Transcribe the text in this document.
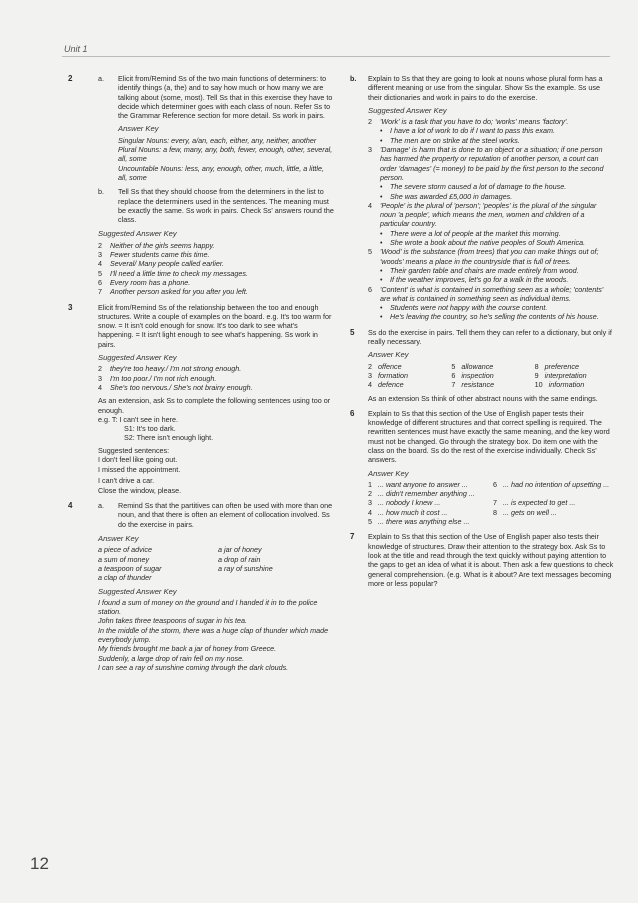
Unit 1
2	a. Elicit from/Remind Ss of the two main functions of determiners: to identify things (a, the) and to say how much or how many we are talking about (some, most). Tell Ss that in this exercise they have to decide which determiner goes with each class of noun. Refer Ss to the Grammar Reference section for more detail. Ss work in pairs.
Answer Key
Singular Nouns: every, a/an, each, either, any, neither, another
Plural Nouns: a few, many, any, both, fewer, enough, other, several, all, some
Uncountable Nouns: less, any, enough, other, much, little, a little, all, some
b. Tell Ss that they should choose from the determiners in the list to replace the determiners used in the sentences. The meaning must be exactly the same. Ss work in pairs. Check Ss' answers round the class.
Suggested Answer Key
2 Neither of the girls seems happy.
3 Fewer students came this time.
4 Several/ Many people called earlier.
5 I'll need a little time to check my messages.
6 Every room has a phone.
7 Another person asked for you after you left.
3	Elicit from/Remind Ss of the relationship between the too and enough structures. Write a couple of examples on the board. e.g. It's too warm for snow. = It isn't cold enough for snow. It's too dark to see what's happening. = It isn't light enough to see what's happening. Ss work in pairs.
Suggested Answer Key
2 they're too heavy./ I'm not strong enough.
3 I'm too poor./ I'm not rich enough.
4 She's too nervous./ She's not brainy enough.
As an extension, ask Ss to complete the following sentences using too or enough.
e.g. T: I can't see in here.
S1: It's too dark.
S2: There isn't enough light.
Suggested sentences:
I don't feel like going out.
I missed the appointment.
I can't drive a car.
Close the window, please.
4	a. Remind Ss that the partitives can often be used with more than one noun, and that there is often an element of collocation involved. Ss do the exercise in pairs.
Answer Key
a piece of advice	a jar of honey
a sum of money	a drop of rain
a teaspoon of sugar	a ray of sunshine
a clap of thunder
Suggested Answer Key
I found a sum of money on the ground and I handed it in to the police station.
John takes three teaspoons of sugar in his tea.
In the middle of the storm, there was a huge clap of thunder which made everybody jump.
My friends brought me back a jar of honey from Greece.
Suddenly, a large drop of rain fell on my nose.
I can see a ray of sunshine coming through the dark clouds.
b. Explain to Ss that they are going to look at nouns whose plural form has a different meaning or use from the singular. Show Ss the example. Ss use their dictionaries and work in pairs to do the exercise.
Suggested Answer Key
2 'Work' is a task that you have to do; 'works' means 'factory'.
• I have a lot of work to do if I want to pass this exam.
• The men are on strike at the steel works.
3 'Damage' is harm that is done to an object or a situation; if one person has harmed the property or reputation of another person, a court can order 'damages' (= money) to be paid by the first person to the second person.
• The severe storm caused a lot of damage to the house.
• She was awarded £5,000 in damages.
4 'People' is the plural of 'person'; 'peoples' is the plural of the singular noun 'a people', which means the men, women and children of a particular country.
• There were a lot of people at the market this morning.
• She wrote a book about the native peoples of South America.
5 'Wood' is the substance (from trees) that you can make things out of; 'woods' means a place in the countryside that is full of trees.
• Their garden table and chairs are made entirely from wood.
• If the weather improves, let's go for a walk in the woods.
6 'Content' is what is contained in something seen as a whole; 'contents' are what is contained in something seen as individual items.
• Students were not happy with the course content.
• He's leaving the country, so he's selling the contents of his house.
5 Ss do the exercise in pairs. Tell them they can refer to a dictionary, but only if really necessary.
Answer Key
2 offence	5 allowance	8 preference
3 formation	6 inspection	9 interpretation
4 defence	7 resistance	10 information
As an extension Ss think of other abstract nouns with the same endings.
6 Explain to Ss that this section of the Use of English paper tests their knowledge of different structures and that correct spelling is required. The rewritten sentences must have exactly the same meaning, and the key word must not be changed. Go through the strategy box. Do item one with the class on the board. Ss do the rest of the exercise individually. Check Ss' answers.
Answer Key
1 ... want anyone to answer ...	6 ... had no intention of upsetting ...
2 ... didn't remember anything ...
3 ... nobody I knew ...	7 ... is expected to get ...
4 ... how much it cost ...	8 ... gets on well ...
5 ... there was anything else ...
7 Explain to Ss that this section of the Use of English paper also tests their knowledge of structures. Draw their attention to the strategy box. Ask Ss to look at the title and read through the text quickly without paying attention to the gaps to get an idea of what it is about. Then ask a few questions to check general comprehension. (e.g. What is it about? Are text messages becoming more or less popular?
12
